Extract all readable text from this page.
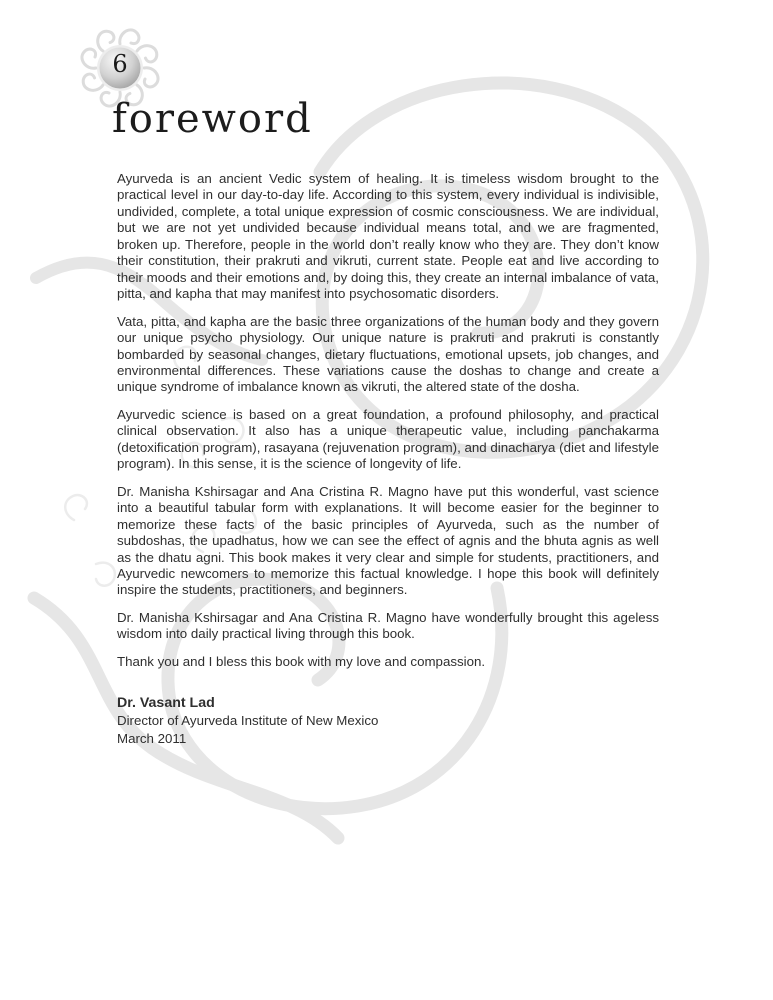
6
foreword

Ayurveda is an ancient Vedic system of healing. It is timeless wisdom brought to the practical level in our day-to-day life. According to this system, every individual is indivisible, undivided, complete, a total unique expression of cosmic consciousness. We are individual, but we are not yet undivided because individual means total, and we are fragmented, broken up. Therefore, people in the world don’t really know who they are. They don’t know their constitution, their prakruti and vikruti, current state. People eat and live according to their moods and their emotions and, by doing this, they create an internal imbalance of vata, pitta, and kapha that may manifest into psychosomatic disorders.

Vata, pitta, and kapha are the basic three organizations of the human body and they govern our unique psycho physiology. Our unique nature is prakruti and prakruti is constantly bombarded by seasonal changes, dietary fluctuations, emotional upsets, job changes, and environmental differences. These variations cause the doshas to change and create a unique syndrome of imbalance known as vikruti, the altered state of the dosha.

Ayurvedic science is based on a great foundation, a profound philosophy, and practical clinical observation. It also has a unique therapeutic value, including panchakarma (detoxification program), rasayana (rejuvenation program), and dinacharya (diet and lifestyle program). In this sense, it is the science of longevity of life.

Dr. Manisha Kshirsagar and Ana Cristina R. Magno have put this wonderful, vast science into a beautiful tabular form with explanations. It will become easier for the beginner to memorize these facts of the basic principles of Ayurveda, such as the number of subdoshas, the upadhatus, how we can see the effect of agnis and the bhuta agnis as well as the dhatu agni. This book makes it very clear and simple for students, practitioners, and Ayurvedic newcomers to memorize this factual knowledge. I hope this book will definitely inspire the students, practitioners, and beginners.

Dr. Manisha Kshirsagar and Ana Cristina R. Magno have wonderfully brought this ageless wisdom into daily practical living through this book.

Thank you and I bless this book with my love and compassion.

Dr. Vasant Lad

Director of Ayurveda Institute of New Mexico

March 2011
